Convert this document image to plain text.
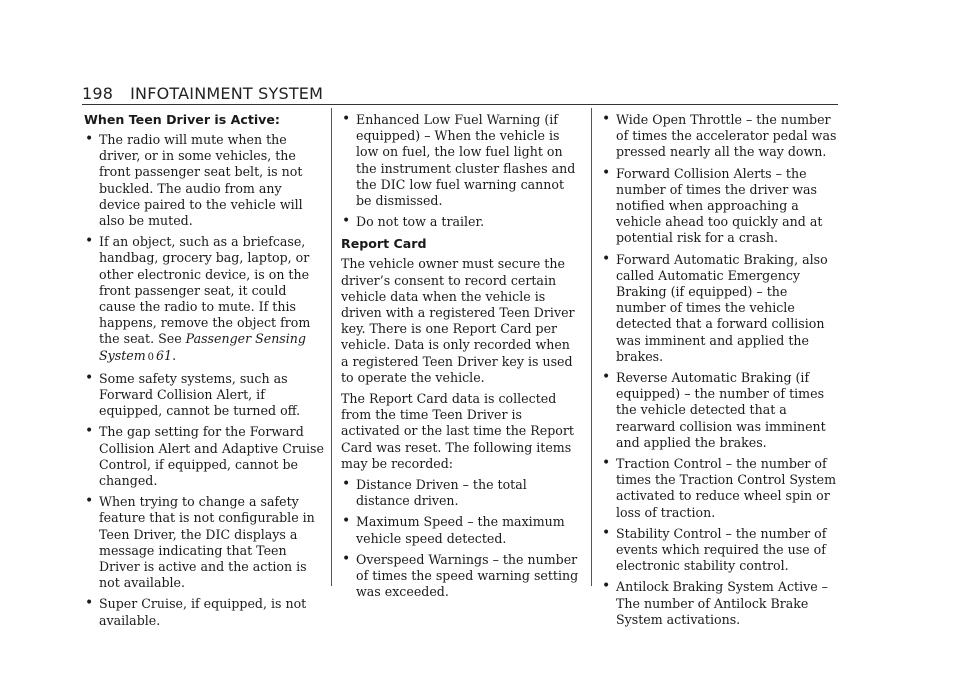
198 INFOTAINMENT SYSTEM
When Teen Driver is Active:
• The radio will mute when the driver, or in some vehicles, the front passenger seat belt, is not buckled. The audio from any device paired to the vehicle will also be muted.
• If an object, such as a briefcase, handbag, grocery bag, laptop, or other electronic device, is on the front passenger seat, it could cause the radio to mute. If this happens, remove the object from the seat. See Passenger Sensing System 0 61.
• Some safety systems, such as Forward Collision Alert, if equipped, cannot be turned off.
• The gap setting for the Forward Collision Alert and Adaptive Cruise Control, if equipped, cannot be changed.
• When trying to change a safety feature that is not configurable in Teen Driver, the DIC displays a message indicating that Teen Driver is active and the action is not available.
• Super Cruise, if equipped, is not available.
• Enhanced Low Fuel Warning (if equipped) – When the vehicle is low on fuel, the low fuel light on the instrument cluster flashes and the DIC low fuel warning cannot be dismissed.
• Do not tow a trailer.
Report Card

The vehicle owner must secure the driver’s consent to record certain vehicle data when the vehicle is driven with a registered Teen Driver key. There is one Report Card per vehicle. Data is only recorded when a registered Teen Driver key is used to operate the vehicle.

The Report Card data is collected from the time Teen Driver is activated or the last time the Report Card was reset. The following items may be recorded:

• Distance Driven – the total distance driven.
• Maximum Speed – the maximum vehicle speed detected.
• Overspeed Warnings – the number of times the speed warning setting was exceeded.
• Wide Open Throttle – the number of times the accelerator pedal was pressed nearly all the way down.
• Forward Collision Alerts – the number of times the driver was notified when approaching a vehicle ahead too quickly and at potential risk for a crash.
• Forward Automatic Braking, also called Automatic Emergency Braking (if equipped) – the number of times the vehicle detected that a forward collision was imminent and applied the brakes.
• Reverse Automatic Braking (if equipped) – the number of times the vehicle detected that a rearward collision was imminent and applied the brakes.
• Traction Control – the number of times the Traction Control System activated to reduce wheel spin or loss of traction.
• Stability Control – the number of events which required the use of electronic stability control.
• Antilock Braking System Active – The number of Antilock Brake System activations.
